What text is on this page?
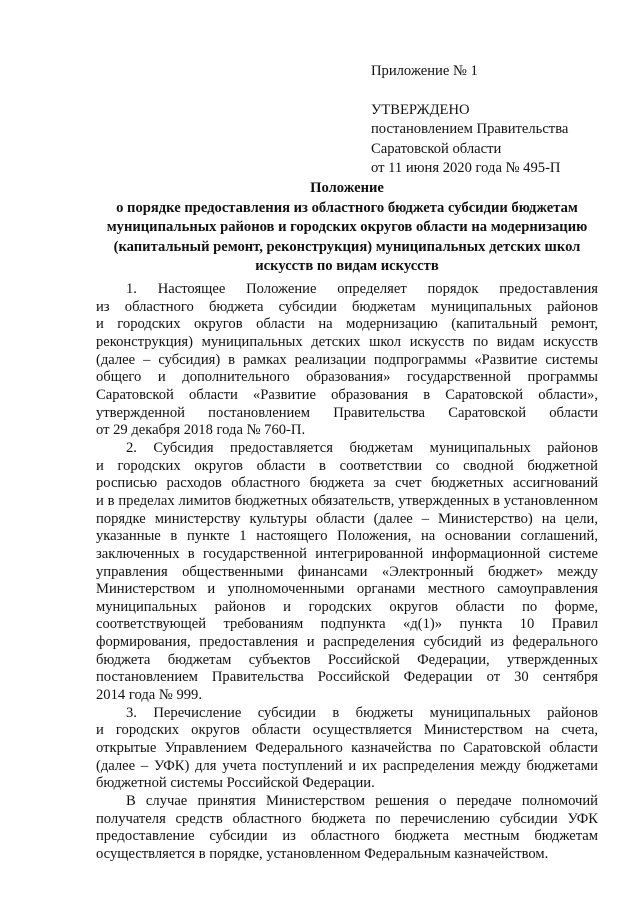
Приложение № 1
УТВЕРЖДЕНО
постановлением Правительства
Саратовской области
от 11 июня 2020 года № 495-П
Положение
о порядке предоставления из областного бюджета субсидии бюджетам
муниципальных районов и городских округов области на модернизацию
(капитальный ремонт, реконструкция) муниципальных детских школ
искусств по видам искусств

1. Настоящее Положение определяет порядок предоставления
из областного бюджета субсидии бюджетам муниципальных районов
и городских округов области на модернизацию (капитальный ремонт,
реконструкция) муниципальных детских школ искусств по видам искусств
(далее – субсидия) в рамках реализации подпрограммы «Развитие системы
общего и дополнительного образования» государственной программы
Саратовской области «Развитие образования в Саратовской области»,
утвержденной постановлением Правительства Саратовской области
от 29 декабря 2018 года № 760-П.

2. Субсидия предоставляется бюджетам муниципальных районов
и городских округов области в соответствии со сводной бюджетной
росписью расходов областного бюджета за счет бюджетных ассигнований
и в пределах лимитов бюджетных обязательств, утвержденных в установленном
порядке министерству культуры области (далее – Министерство) на цели,
указанные в пункте 1 настоящего Положения, на основании соглашений,
заключенных в государственной интегрированной информационной системе
управления общественными финансами «Электронный бюджет» между
Министерством и уполномоченными органами местного самоуправления
муниципальных районов и городских округов области по форме,
соответствующей требованиям подпункта «д(1)» пункта 10 Правил
формирования, предоставления и распределения субсидий из федерального
бюджета бюджетам субъектов Российской Федерации, утвержденных
постановлением Правительства Российской Федерации от 30 сентября
2014 года № 999.

3. Перечисление субсидии в бюджеты муниципальных районов
и городских округов области осуществляется Министерством на счета,
открытые Управлением Федерального казначейства по Саратовской области
(далее – УФК) для учета поступлений и их распределения между бюджетами
бюджетной системы Российской Федерации.

В случае принятия Министерством решения о передаче полномочий
получателя средств областного бюджета по перечислению субсидии УФК
предоставление субсидии из областного бюджета местным бюджетам
осуществляется в порядке, установленном Федеральным казначейством.
